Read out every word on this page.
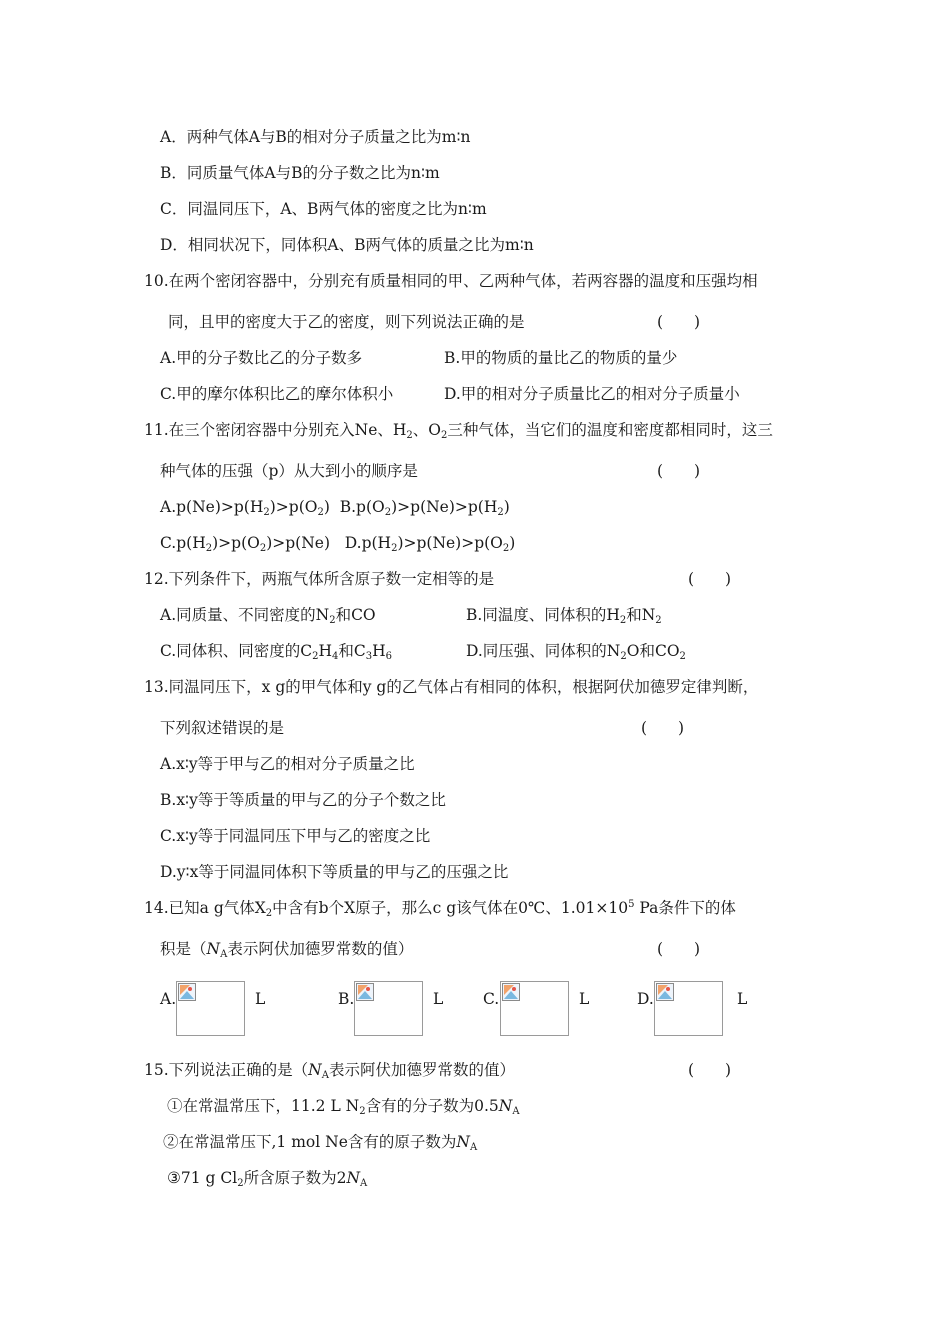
A．两种气体A与B的相对分子质量之比为m∶n
B．同质量气体A与B的分子数之比为n∶m
C．同温同压下，A、B两气体的密度之比为n∶m
D．相同状况下，同体积A、B两气体的质量之比为m∶n
10.在两个密闭容器中，分别充有质量相同的甲、乙两种气体，若两容器的温度和压强均相
同，且甲的密度大于乙的密度，则下列说法正确的是	(　　)
A.甲的分子数比乙的分子数多	B.甲的物质的量比乙的物质的量少
C.甲的摩尔体积比乙的摩尔体积小	D.甲的相对分子质量比乙的相对分子质量小
11.在三个密闭容器中分别充入Ne、$H_2$、$O_2$三种气体，当它们的温度和密度都相同时，这三
种气体的压强（p）从大到小的顺序是	(　　)
$A.p(Ne)>p(H_2)>p(O_2)$  $B.p(O_2)>p(Ne)>p(H_2)$
$C.p(H_2)>p(O_2)>p(Ne)$   $D.p(H_2)>p(Ne)>p(O_2)$
12.下列条件下，两瓶气体所含原子数一定相等的是	(　　)
A.同质量、不同密度的$N_2$和CO	B.同温度、同体积的$H_2$和$N_2$
C.同体积、同密度的$C_2H_4$和$C_3H_6$	D.同压强、同体积的$N_2O$和$CO_2$
13.同温同压下，x g的甲气体和y g的乙气体占有相同的体积，根据阿伏加德罗定律判断，
下列叙述错误的是	(　　)
A.x∶y等于甲与乙的相对分子质量之比
B.x∶y等于等质量的甲与乙的分子个数之比
C.x∶y等于同温同压下甲与乙的密度之比
D.y∶x等于同温同体积下等质量的甲与乙的压强之比
14.已知a g气体$X_2$中含有b个X原子，那么c g该气体在0℃、$1.01\times 10^5$ Pa条件下的体
积是（$N_A$表示阿伏加德罗常数的值）	(　　)
A.	L	B.	L	C.	L	D.	L
15.下列说法正确的是（$N_A$表示阿伏加德罗常数的值）	(　　)
①在常温常压下，11.2 L $N_2$含有的分子数为$0.5N_A$
②在常温常压下,1 mol Ne含有的原子数为$N_A$
③71 g $Cl_2$所含原子数为$2N_A$
